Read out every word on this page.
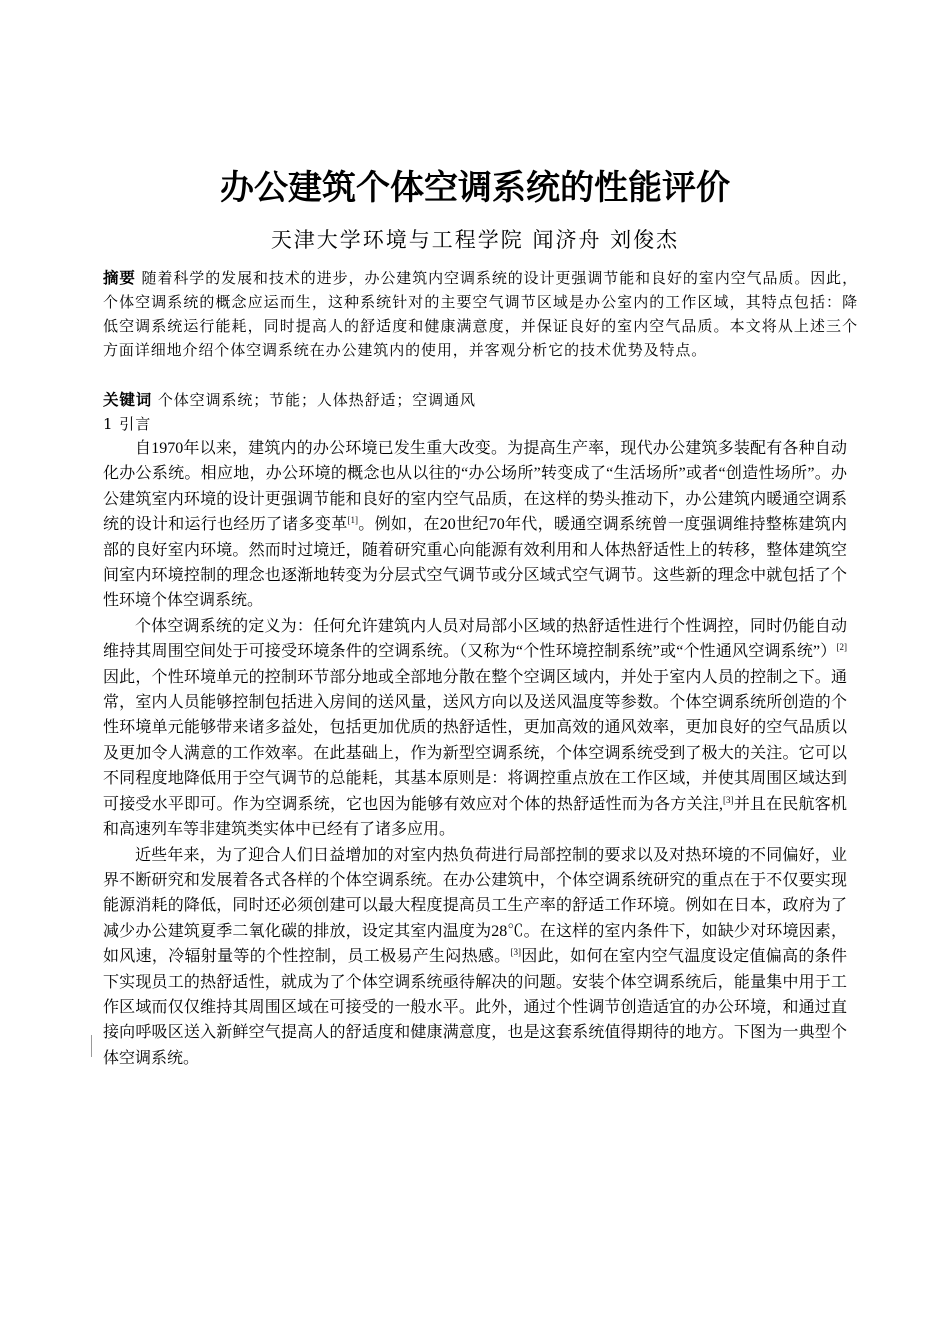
办公建筑个体空调系统的性能评价
天津大学环境与工程学院 闻济舟 刘俊杰
摘要 随着科学的发展和技术的进步，办公建筑内空调系统的设计更强调节能和良好的室内空气品质。因此，个体空调系统的概念应运而生，这种系统针对的主要空气调节区域是办公室内的工作区域，其特点包括：降低空调系统运行能耗，同时提高人的舒适度和健康满意度，并保证良好的室内空气品质。本文将从上述三个方面详细地介绍个体空调系统在办公建筑内的使用，并客观分析它的技术优势及特点。
关键词 个体空调系统；节能；人体热舒适；空调通风
1 引言

自1970年以来，建筑内的办公环境已发生重大改变。为提高生产率，现代办公建筑多装配有各种自动化办公系统。相应地，办公环境的概念也从以往的“办公场所”转变成了“生活场所”或者“创造性场所”。办公建筑室内环境的设计更强调节能和良好的室内空气品质，在这样的势头推动下，办公建筑内暖通空调系统的设计和运行也经历了诸多变革[1]。例如，在20世纪70年代，暖通空调系统曾一度强调维持整栋建筑内部的良好室内环境。然而时过境迁，随着研究重心向能源有效利用和人体热舒适性上的转移，整体建筑空间室内环境控制的理念也逐渐地转变为分层式空气调节或分区域式空气调节。这些新的理念中就包括了个性环境个体空调系统。

个体空调系统的定义为：任何允许建筑内人员对局部小区域的热舒适性进行个性调控，同时仍能自动维持其周围空间处于可接受环境条件的空调系统。（又称为“个性环境控制系统”或“个性通风空调系统”）[2]因此，个性环境单元的控制环节部分地或全部地分散在整个空调区域内，并处于室内人员的控制之下。通常，室内人员能够控制包括进入房间的送风量，送风方向以及送风温度等参数。个体空调系统所创造的个性环境单元能够带来诸多益处，包括更加优质的热舒适性，更加高效的通风效率，更加良好的空气品质以及更加令人满意的工作效率。在此基础上，作为新型空调系统，个体空调系统受到了极大的关注。它可以不同程度地降低用于空气调节的总能耗，其基本原则是：将调控重点放在工作区域，并使其周围区域达到可接受水平即可。作为空调系统，它也因为能够有效应对个体的热舒适性而为各方关注,[3]并且在民航客机和高速列车等非建筑类实体中已经有了诸多应用。

近些年来，为了迎合人们日益增加的对室内热负荷进行局部控制的要求以及对热环境的不同偏好，业界不断研究和发展着各式各样的个体空调系统。在办公建筑中，个体空调系统研究的重点在于不仅要实现能源消耗的降低，同时还必须创建可以最大程度提高员工生产率的舒适工作环境。例如在日本，政府为了减少办公建筑夏季二氧化碳的排放，设定其室内温度为28℃。在这样的室内条件下，如缺少对环境因素，如风速，冷辐射量等的个性控制，员工极易产生闷热感。[3]因此，如何在室内空气温度设定值偏高的条件下实现员工的热舒适性，就成为了个体空调系统亟待解决的问题。安装个体空调系统后，能量集中用于工作区域而仅仅维持其周围区域在可接受的一般水平。此外，通过个性调节创造适宜的办公环境，和通过直接向呼吸区送入新鲜空气提高人的舒适度和健康满意度，也是这套系统值得期待的地方。下图为一典型个体空调系统。
